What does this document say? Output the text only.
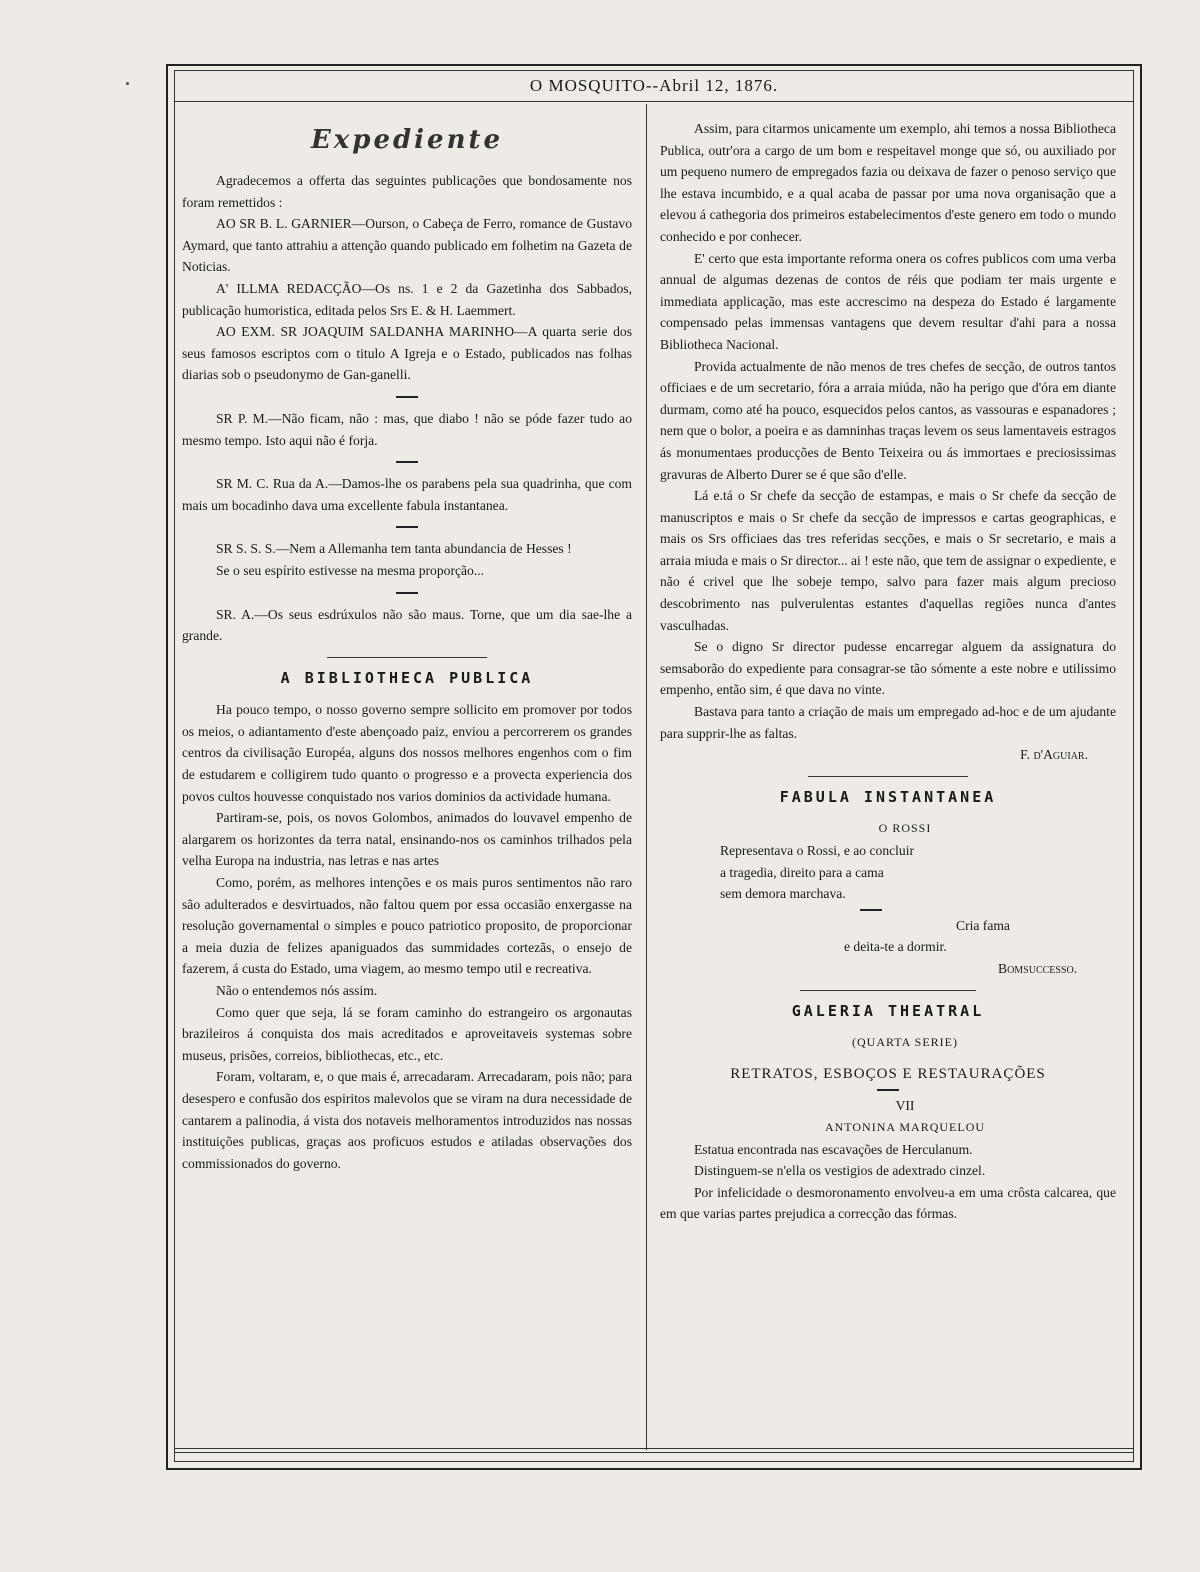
O MOSQUITO--Abril 12, 1876.
Expediente

Agradecemos a offerta das seguintes publicações que bondosamente nos foram remettidos :

AO SR B. L. GARNIER—Ourson, o Cabeça de Ferro, romance de Gustavo Aymard, que tanto attrahiu a attenção quando publicado em folhetim na Gazeta de Noticias.

A' ILLMA REDACÇÃO—Os ns. 1 e 2 da Gazetinha dos Sabbados, publicação humoristica, editada pelos Srs E. & H. Laemmert.

AO EXM. SR JOAQUIM SALDANHA MARINHO—A quarta serie dos seus famosos escriptos com o titulo A Igreja e o Estado, publicados nas folhas diarias sob o pseudonymo de Gan-ganelli.

SR P. M.—Não ficam, não : mas, que diabo ! não se póde fazer tudo ao mesmo tempo. Isto aqui não é forja.

SR M. C. Rua da A.—Damos-lhe os parabens pela sua quadrinha, que com mais um bocadinho dava uma excellente fabula instantanea.

SR S. S. S.—Nem a Allemanha tem tanta abundancia de Hesses !

Se o seu espírito estivesse na mesma proporção...

SR. A.—Os seus esdrúxulos não são maus. Torne, que um dia sae-lhe a grande.

A BIBLIOTHECA PUBLICA

Ha pouco tempo, o nosso governo sempre sollicito em promover por todos os meios, o adiantamento d'este abençoado paiz, enviou a percorrerem os grandes centros da civilisação Européa, alguns dos nossos melhores engenhos com o fim de estudarem e colligirem tudo quanto o progresso e a provecta experiencia dos povos cultos houvesse conquistado nos varios dominios da actividade humana.

Partiram-se, pois, os novos Golombos, animados do louvavel empenho de alargarem os horizontes da terra natal, ensinando-nos os caminhos trilhados pela velha Europa na industria, nas letras e nas artes

Como, porém, as melhores intenções e os mais puros sentimentos não raro são adulterados e desvirtuados, não faltou quem por essa occasião enxergasse na resolução governamental o simples e pouco patriotico proposito, de proporcionar a meia duzia de felizes apaniguados das summidades cortezãs, o ensejo de fazerem, á custa do Estado, uma viagem, ao mesmo tempo util e recreativa.

Não o entendemos nós assim.

Como quer que seja, lá se foram caminho do estrangeiro os argonautas brazileiros á conquista dos mais acreditados e aproveitaveis systemas sobre museus, prisões, correios, bibliothecas, etc., etc.

Foram, voltaram, e, o que mais é, arrecadaram. Arrecadaram, pois não; para desespero e confusão dos espiritos malevolos que se viram na dura necessidade de cantarem a palinodia, á vista dos notaveis melhoramentos introduzidos nas nossas instituições publicas, graças aos proficuos estudos e atiladas observações dos commissionados do governo.

Assim, para citarmos unicamente um exemplo, ahi temos a nossa Bibliotheca Publica, outr'ora a cargo de um bom e respeitavel monge que só, ou auxiliado por um pequeno numero de empregados fazia ou deixava de fazer o penoso serviço que lhe estava incumbido, e a qual acaba de passar por uma nova organisação que a elevou á cathegoria dos primeiros estabelecimentos d'este genero em todo o mundo conhecido e por conhecer.

E' certo que esta importante reforma onera os cofres publicos com uma verba annual de algumas dezenas de contos de réis que podiam ter mais urgente e immediata applicação, mas este accrescimo na despeza do Estado é largamente compensado pelas immensas vantagens que devem resultar d'ahi para a nossa Bibliotheca Nacional.

Provida actualmente de não menos de tres chefes de secção, de outros tantos officiaes e de um secretario, fóra a arraia miúda, não ha perigo que d'óra em diante durmam, como até ha pouco, esquecidos pelos cantos, as vassouras e espanadores ; nem que o bolor, a poeira e as damninhas traças levem os seus lamentaveis estragos ás monumentaes producções de Bento Teixeira ou ás immortaes e preciosissimas gravuras de Alberto Durer se é que são d'elle.

Lá e.tá o Sr chefe da secção de estampas, e mais o Sr chefe da secção de manuscriptos e mais o Sr chefe da secção de impressos e cartas geographicas, e mais os Srs officiaes das tres referidas secções, e mais o Sr secretario, e mais a arraia miuda e mais o Sr director... ai ! este não, que tem de assignar o expediente, e não é crivel que lhe sobeje tempo, salvo para fazer mais algum precioso descobrimento nas pulverulentas estantes d'aquellas regiões nunca d'antes vasculhadas.

Se o digno Sr director pudesse encarregar alguem da assignatura do semsaborão do expediente para consagrar-se tão sómente a este nobre e utilissimo empenho, então sim, é que dava no vinte.

Bastava para tanto a criação de mais um empregado ad-hoc e de um ajudante para supprir-lhe as faltas.

F. d'Aguiar.

FABULA INSTANTANEA

O ROSSI

Representava o Rossi, e ao concluir

a tragedia, direito para a cama

sem demora marchava.

Cria fama

e deita-te a dormir.

Bomsuccesso.

GALERIA THEATRAL

(QUARTA SERIE)

RETRATOS, ESBOÇOS E RESTAURAÇÕES

VII

ANTONINA MARQUELOU

Estatua encontrada nas escavações de Herculanum.

Distinguem-se n'ella os vestigios de adextrado cinzel.

Por infelicidade o desmoronamento envolveu-a em uma crôsta calcarea, que em que varias partes prejudica a correcção das fórmas.
